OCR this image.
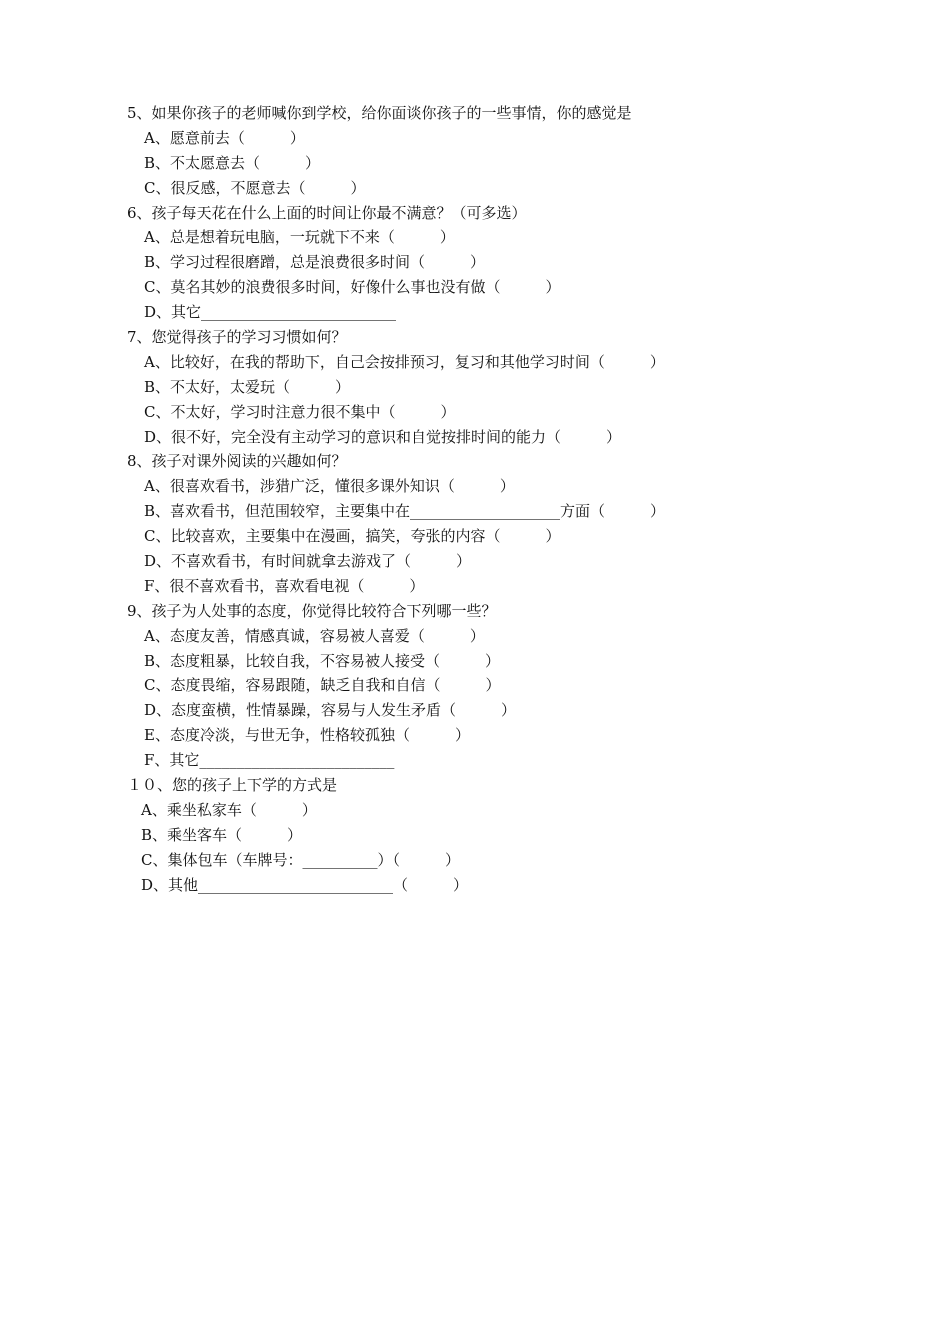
5、如果你孩子的老师喊你到学校，给你面谈你孩子的一些事情，你的感觉是
A、愿意前去（　　　）
B、不太愿意去（　　　）
C、很反感，不愿意去（　　　）
6、孩子每天花在什么上面的时间让你最不满意？（可多选）
A、总是想着玩电脑，一玩就下不来（　　　）
B、学习过程很磨蹭，总是浪费很多时间（　　　）
C、莫名其妙的浪费很多时间，好像什么事也没有做（　　　）
D、其它__________________________
7、您觉得孩子的学习习惯如何？
A、比较好，在我的帮助下，自己会按排预习，复习和其他学习时间（　　　）
B、不太好，太爱玩（　　　）
C、不太好，学习时注意力很不集中（　　　）
D、很不好，完全没有主动学习的意识和自觉按排时间的能力（　　　）
8、孩子对课外阅读的兴趣如何？
A、很喜欢看书，涉猎广泛，懂很多课外知识（　　　）
B、喜欢看书，但范围较窄，主要集中在____________________方面（　　　）
C、比较喜欢，主要集中在漫画，搞笑，夸张的内容（　　　）
D、不喜欢看书，有时间就拿去游戏了（　　　）
F、很不喜欢看书，喜欢看电视（　　　）
9、孩子为人处事的态度，你觉得比较符合下列哪一些？
A、态度友善，情感真诚，容易被人喜爱（　　　）
B、态度粗暴，比较自我，不容易被人接受（　　　）
C、态度畏缩，容易跟随，缺乏自我和自信（　　　）
D、态度蛮横，性情暴躁，容易与人发生矛盾（　　　）
E、态度冷淡，与世无争，性格较孤独（　　　）
F、其它__________________________
１０、您的孩子上下学的方式是
A、乘坐私家车（　　　）
B、乘坐客车（　　　）
C、集体包车（车牌号：__________）（　　　）
D、其他__________________________（　　　）
